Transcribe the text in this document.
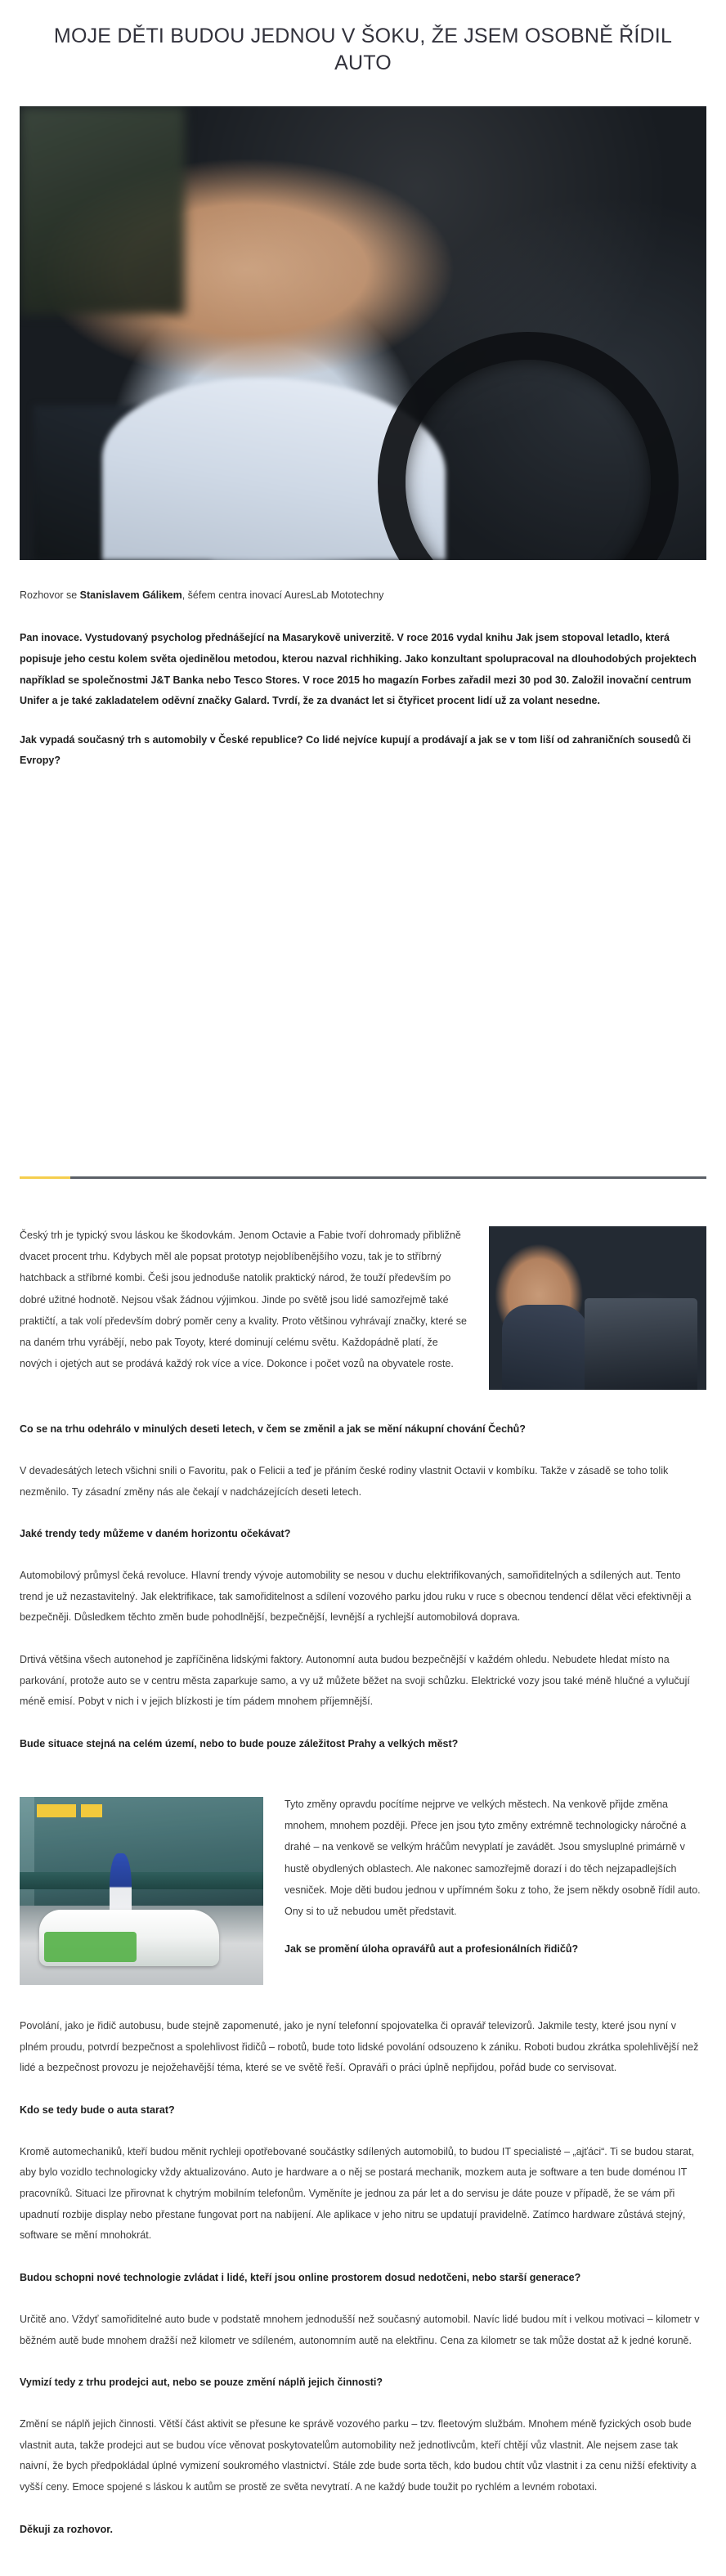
MOJE DĚTI BUDOU JEDNOU V ŠOKU, ŽE JSEM OSOBNĚ ŘÍDIL AUTO

Rozhovor se Stanislavem Gálikem, šéfem centra inovací AuresLab Mototechny

Pan inovace. Vystudovaný psycholog přednášející na Masarykově univerzitě. V roce 2016 vydal knihu Jak jsem stopoval letadlo, která popisuje jeho cestu kolem světa ojedinělou metodou, kterou nazval richhiking. Jako konzultant spolupracoval na dlouhodobých projektech například se společnostmi J&T Banka nebo Tesco Stores. V roce 2015 ho magazín Forbes zařadil mezi 30 pod 30. Založil inovační centrum Unifer a je také zakladatelem oděvní značky Galard. Tvrdí, že za dvanáct let si čtyřicet procent lidí už za volant nesedne.

Jak vypadá současný trh s automobily v České republice? Co lidé nejvíce kupují a prodávají a jak se v tom liší od zahraničních sousedů či Evropy?

Český trh je typický svou láskou ke škodovkám. Jenom Octavie a Fabie tvoří dohromady přibližně dvacet procent trhu. Kdybych měl ale popsat prototyp nejoblíbenějšího vozu, tak je to stříbrný hatchback a stříbrné kombi. Češi jsou jednoduše natolik praktický národ, že touží především po dobré užitné hodnotě. Nejsou však žádnou výjimkou. Jinde po světě jsou lidé samozřejmě také praktičtí, a tak volí především dobrý poměr ceny a kvality. Proto většinou vyhrávají značky, které se na daném trhu vyrábějí, nebo pak Toyoty, které dominují celému světu. Každopádně platí, že nových i ojetých aut se prodává každý rok více a více. Dokonce i počet vozů na obyvatele roste.

Co se na trhu odehrálo v minulých deseti letech, v čem se změnil a jak se mění nákupní chování Čechů?

V devadesátých letech všichni snili o Favoritu, pak o Felicii a teď je přáním české rodiny vlastnit Octavii v kombíku. Takže v zásadě se toho tolik nezměnilo. Ty zásadní změny nás ale čekají v nadcházejících deseti letech.

Jaké trendy tedy můžeme v daném horizontu očekávat?

Automobilový průmysl čeká revoluce. Hlavní trendy vývoje automobility se nesou v duchu elektrifikovaných, samořiditelných a sdílených aut. Tento trend je už nezastavitelný. Jak elektrifikace, tak samořiditelnost a sdílení vozového parku jdou ruku v ruce s obecnou tendencí dělat věci efektivněji a bezpečněji. Důsledkem těchto změn bude pohodlnější, bezpečnější, levnější a rychlejší automobilová doprava.

Drtivá většina všech autonehod je zapříčiněna lidskými faktory. Autonomní auta budou bezpečnější v každém ohledu. Nebudete hledat místo na parkování, protože auto se v centru města zaparkuje samo, a vy už můžete běžet na svoji schůzku. Elektrické vozy jsou také méně hlučné a vylučují méně emisí. Pobyt v nich i v jejich blízkosti je tím pádem mnohem příjemnější.

Bude situace stejná na celém území, nebo to bude pouze záležitost Prahy a velkých měst?

Tyto změny opravdu pocítíme nejprve ve velkých městech. Na venkově přijde změna mnohem, mnohem později. Přece jen jsou tyto změny extrémně technologicky náročné a drahé – na venkově se velkým hráčům nevyplatí je zavádět. Jsou smysluplné primárně v hustě obydlených oblastech. Ale nakonec samozřejmě dorazí i do těch nejzapadlejších vesniček. Moje děti budou jednou v upřímném šoku z toho, že jsem někdy osobně řídil auto. Ony si to už nebudou umět představit.

Jak se promění úloha opravářů aut a profesionálních řidičů?

Povolání, jako je řidič autobusu, bude stejně zapomenuté, jako je nyní telefonní spojovatelka či opravář televizorů. Jakmile testy, které jsou nyní v plném proudu, potvrdí bezpečnost a spolehlivost řidičů – robotů, bude toto lidské povolání odsouzeno k zániku. Roboti budou zkrátka spolehlivější než lidé a bezpečnost provozu je nejožehavější téma, které se ve světě řeší. Opraváři o práci úplně nepřijdou, pořád bude co servisovat.

Kdo se tedy bude o auta starat?

Kromě automechaniků, kteří budou měnit rychleji opotřebované součástky sdílených automobilů, to budou IT specialisté – „ajťáci“. Ti se budou starat, aby bylo vozidlo technologicky vždy aktualizováno. Auto je hardware a o něj se postará mechanik, mozkem auta je software a ten bude doménou IT pracovníků. Situaci lze přirovnat k chytrým mobilním telefonům. Vyměníte je jednou za pár let a do servisu je dáte pouze v případě, že se vám při upadnutí rozbije display nebo přestane fungovat port na nabíjení. Ale aplikace v jeho nitru se updatují pravidelně. Zatímco hardware zůstává stejný, software se mění mnohokrát.

Budou schopni nové technologie zvládat i lidé, kteří jsou online prostorem dosud nedotčeni, nebo starší generace?

Určitě ano. Vždyť samořiditelné auto bude v podstatě mnohem jednodušší než současný automobil. Navíc lidé budou mít i velkou motivaci – kilometr v běžném autě bude mnohem dražší než kilometr ve sdíleném, autonomním autě na elektřinu. Cena za kilometr se tak může dostat až k jedné koruně.

Vymizí tedy z trhu prodejci aut, nebo se pouze změní náplň jejich činnosti?

Změní se náplň jejich činnosti. Větší část aktivit se přesune ke správě vozového parku – tzv. fleetovým službám. Mnohem méně fyzických osob bude vlastnit auta, takže prodejci aut se budou více věnovat poskytovatelům automobility než jednotlivcům, kteří chtějí vůz vlastnit. Ale nejsem zase tak naivní, že bych předpokládal úplné vymizení soukromého vlastnictví. Stále zde bude sorta těch, kdo budou chtít vůz vlastnit i za cenu nižší efektivity a vyšší ceny. Emoce spojené s láskou k autům se prostě ze světa nevytratí. A ne každý bude toužit po rychlém a levném robotaxi.

Děkuji za rozhovor.
